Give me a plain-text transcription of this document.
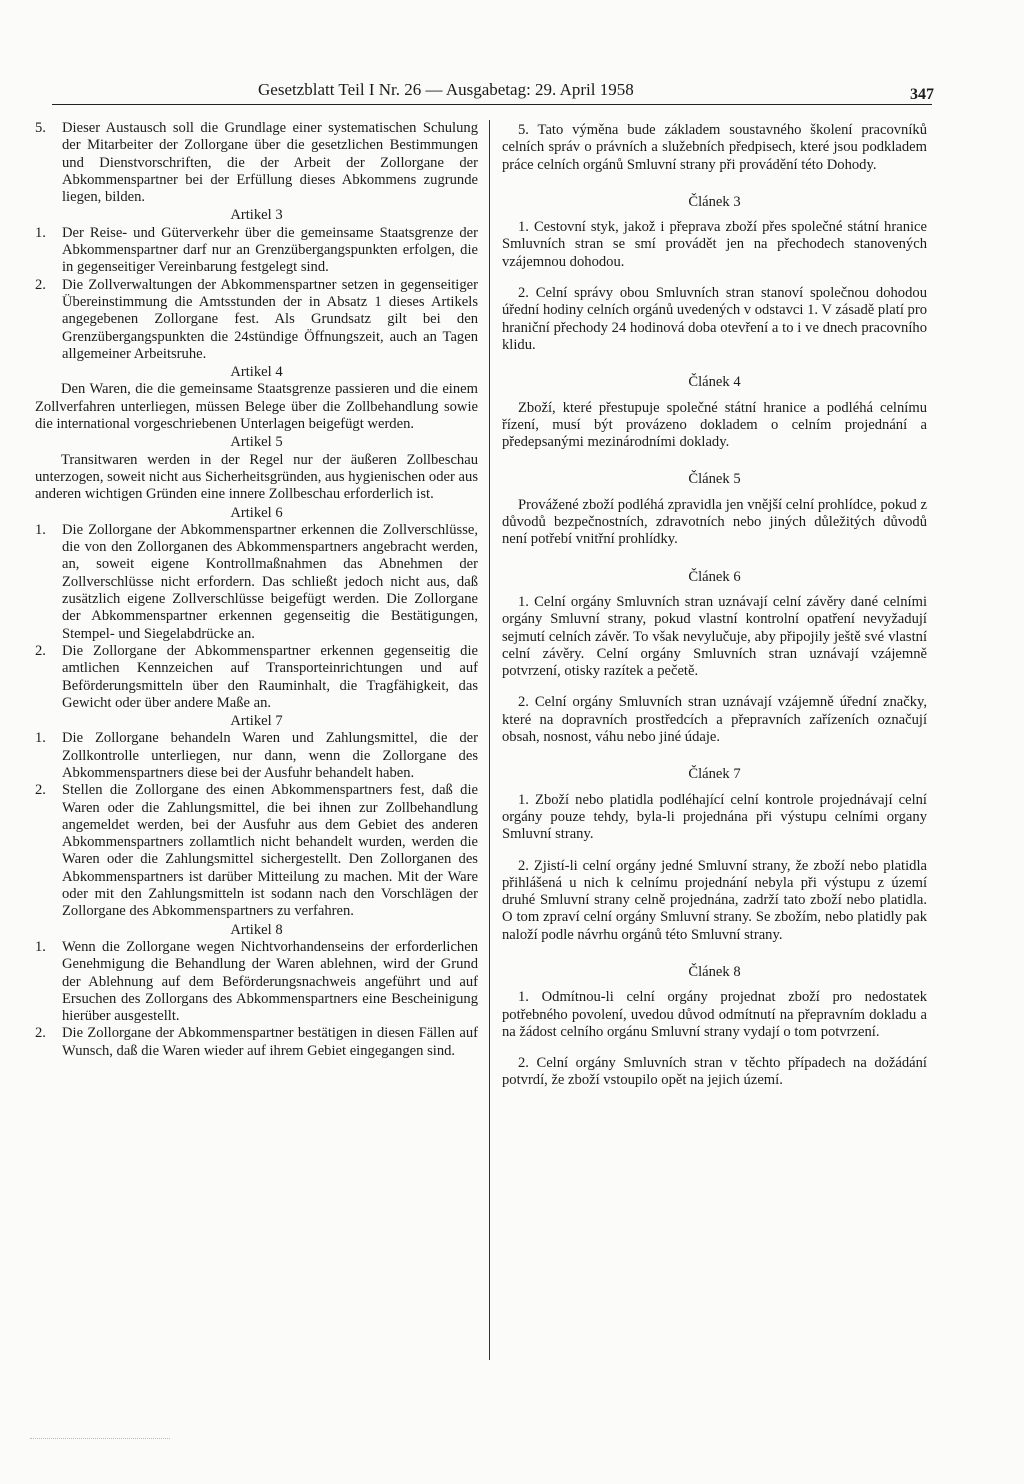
Gesetzblatt Teil I Nr. 26 — Ausgabetag: 29. April 1958	347

5. Dieser Austausch soll die Grundlage einer systematischen Schulung der Mitarbeiter der Zollorgane über die gesetzlichen Bestimmungen und Dienstvorschriften, die der Arbeit der Zollorgane der Abkommenspartner bei der Erfüllung dieses Abkommens zugrunde liegen, bilden.

Artikel 3

1. Der Reise- und Güterverkehr über die gemeinsame Staatsgrenze der Abkommenspartner darf nur an Grenzübergangspunkten erfolgen, die in gegenseitiger Vereinbarung festgelegt sind.

2. Die Zollverwaltungen der Abkommenspartner setzen in gegenseitiger Übereinstimmung die Amtsstunden der in Absatz 1 dieses Artikels angegebenen Zollorgane fest. Als Grundsatz gilt bei den Grenzübergangspunkten die 24stündige Öffnungszeit, auch an Tagen allgemeiner Arbeitsruhe.

Artikel 4

Den Waren, die die gemeinsame Staatsgrenze passieren und die einem Zollverfahren unterliegen, müssen Belege über die Zollbehandlung sowie die international vorgeschriebenen Unterlagen beigefügt werden.

Artikel 5

Transitwaren werden in der Regel nur der äußeren Zollbeschau unterzogen, soweit nicht aus Sicherheitsgründen, aus hygienischen oder aus anderen wichtigen Gründen eine innere Zollbeschau erforderlich ist.

Artikel 6

1. Die Zollorgane der Abkommenspartner erkennen die Zollverschlüsse, die von den Zollorganen des Abkommenspartners angebracht werden, an, soweit eigene Kontrollmaßnahmen das Abnehmen der Zollverschlüsse nicht erfordern. Das schließt jedoch nicht aus, daß zusätzlich eigene Zollverschlüsse beigefügt werden. Die Zollorgane der Abkommenspartner erkennen gegenseitig die Bestätigungen, Stempel- und Siegelabdrücke an.

2. Die Zollorgane der Abkommenspartner erkennen gegenseitig die amtlichen Kennzeichen auf Transporteinrichtungen und auf Beförderungsmitteln über den Rauminhalt, die Tragfähigkeit, das Gewicht oder über andere Maße an.

Artikel 7

1. Die Zollorgane behandeln Waren und Zahlungsmittel, die der Zollkontrolle unterliegen, nur dann, wenn die Zollorgane des Abkommenspartners diese bei der Ausfuhr behandelt haben.

2. Stellen die Zollorgane des einen Abkommenspartners fest, daß die Waren oder die Zahlungsmittel, die bei ihnen zur Zollbehandlung angemeldet werden, bei der Ausfuhr aus dem Gebiet des anderen Abkommenspartners zollamtlich nicht behandelt wurden, werden die Waren oder die Zahlungsmittel sichergestellt. Den Zollorganen des Abkommenspartners ist darüber Mitteilung zu machen. Mit der Ware oder mit den Zahlungsmitteln ist sodann nach den Vorschlägen der Zollorgane des Abkommenspartners zu verfahren.

Artikel 8

1. Wenn die Zollorgane wegen Nichtvorhandenseins der erforderlichen Genehmigung die Behandlung der Waren ablehnen, wird der Grund der Ablehnung auf dem Beförderungsnachweis angeführt und auf Ersuchen des Zollorgans des Abkommenspartners eine Bescheinigung hierüber ausgestellt.

2. Die Zollorgane der Abkommenspartner bestätigen in diesen Fällen auf Wunsch, daß die Waren wieder auf ihrem Gebiet eingegangen sind.

5. Tato výměna bude základem soustavného školení pracovníků celních správ o právních a služebních předpisech, které jsou podkladem práce celních orgánů Smluvní strany při provádění této Dohody.

Článek 3

1. Cestovní styk, jakož i přeprava zboží přes společné státní hranice Smluvních stran se smí provádět jen na přechodech stanovených vzájemnou dohodou.

2. Celní správy obou Smluvních stran stanoví společnou dohodou úřední hodiny celních orgánů uvedených v odstavci 1. V zásadě platí pro hraniční přechody 24 hodinová doba otevření a to i ve dnech pracovního klidu.

Článek 4

Zboží, které přestupuje společné státní hranice a podléhá celnímu řízení, musí být provázeno dokladem o celním projednání a předepsanými mezinárodními doklady.

Článek 5

Provážené zboží podléhá zpravidla jen vnější celní prohlídce, pokud z důvodů bezpečnostních, zdravotních nebo jiných důležitých důvodů není potřebí vnitřní prohlídky.

Článek 6

1. Celní orgány Smluvních stran uznávají celní závěry dané celními orgány Smluvní strany, pokud vlastní kontrolní opatření nevyžadují sejmutí celních závěr. To však nevylučuje, aby připojily ještě své vlastní celní závěry. Celní orgány Smluvních stran uznávají vzájemně potvrzení, otisky razítek a pečetě.

2. Celní orgány Smluvních stran uznávají vzájemně úřední značky, které na dopravních prostředcích a přepravních zařízeních označují obsah, nosnost, váhu nebo jiné údaje.

Článek 7

1. Zboží nebo platidla podléhající celní kontrole projednávají celní orgány pouze tehdy, byla-li projednána při výstupu celními organy Smluvní strany.

2. Zjistí-li celní orgány jedné Smluvní strany, že zboží nebo platidla přihlášená u nich k celnímu projednání nebyla při výstupu z území druhé Smluvní strany celně projednána, zadrží tato zboží nebo platidla. O tom zpraví celní orgány Smluvní strany. Se zbožím, nebo platidly pak naloží podle návrhu orgánů této Smluvní strany.

Článek 8

1. Odmítnou-li celní orgány projednat zboží pro nedostatek potřebného povolení, uvedou důvod odmítnutí na přepravním dokladu a na žádost celního orgánu Smluvní strany vydají o tom potvrzení.

2. Celní orgány Smluvních stran v těchto případech na dožádání potvrdí, že zboží vstoupilo opět na jejich území.
